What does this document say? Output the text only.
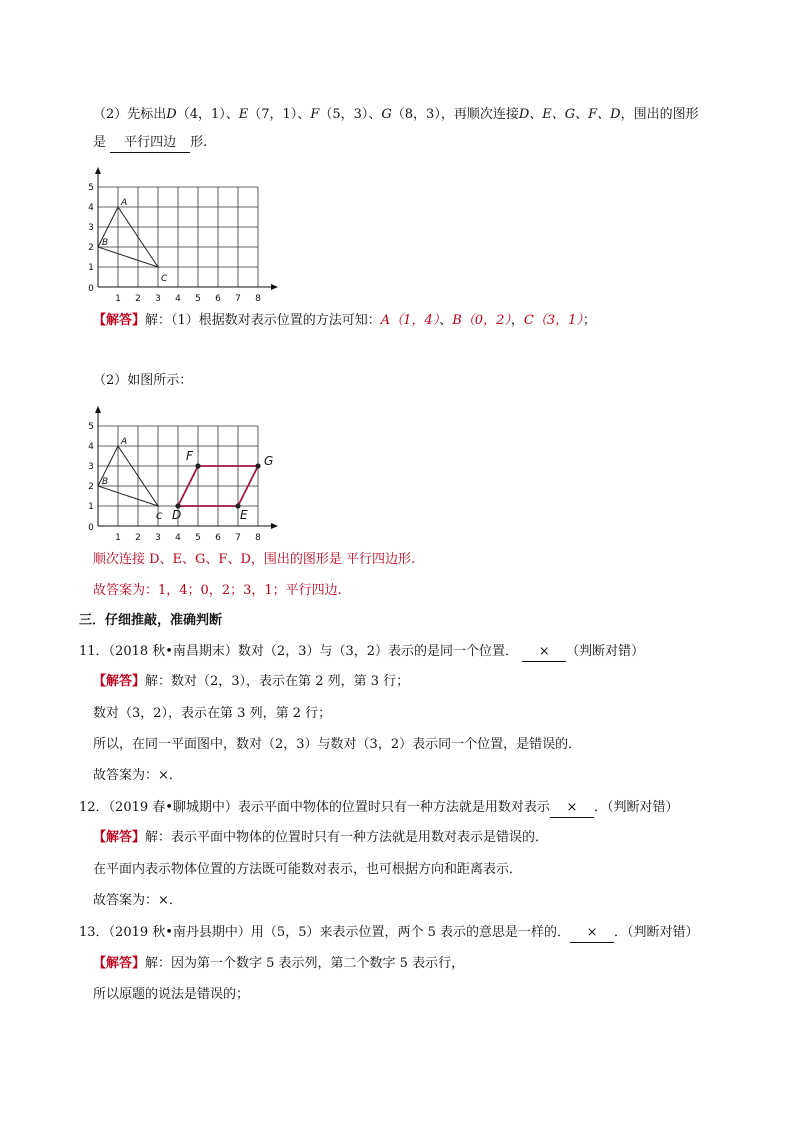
（2）先标出D（4，1）、E（7，1）、F（5，3）、G（8，3），再顺次连接D、E、G、F、D，围出的图形
是 平行四边 形.
1 2 3 4 5 6 7 8
0
1
2
3
4
5
A
B
C
【解答】解：（1）根据数对表示位置的方法可知：A（1，4）、B（0，2），C（3，1）；
（2）如图所示：
1 2 3 4 5 6 7 8
0
1
2
3
4
5
A
B
C D	E
F	G
顺次连接 D、E、G、F、D，围出的图形是 平行四边形.
故答案为：1，4；0，2；3，1；平行四边.
三．仔细推敲，准确判断
11．（2018 秋•南昌期末）数对（2，3）与（3，2）表示的是同一个位置． × （判断对错）
【解答】解：数对（2，3），表示在第 2 列，第 3 行；
数对（3，2），表示在第 3 列，第 2 行；
所以，在同一平面图中，数对（2，3）与数对（3，2）表示同一个位置，是错误的．
故答案为：×．
12．（2019 春•聊城期中）表示平面中物体的位置时只有一种方法就是用数对表示 × ．（判断对错）
【解答】解：表示平面中物体的位置时只有一种方法就是用数对表示是错误的．
在平面内表示物体位置的方法既可能数对表示，也可根据方向和距离表示．
故答案为：×．
13．（2019 秋•南丹县期中）用（5，5）来表示位置，两个 5 表示的意思是一样的． × ．（判断对错）
【解答】解：因为第一个数字 5 表示列，第二个数字 5 表示行，
所以原题的说法是错误的；
